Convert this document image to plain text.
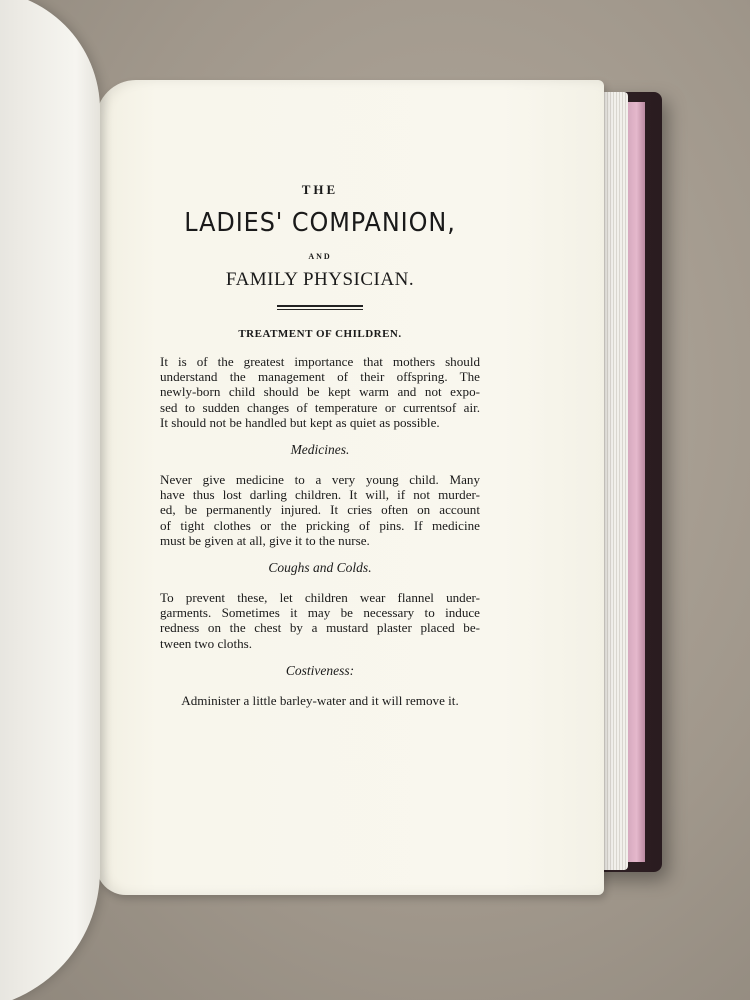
THE
LADIES' COMPANION,
AND
FAMILY PHYSICIAN.
TREATMENT OF CHILDREN.
It is of the greatest importance that mothers should
understand the management of their offspring. The
newly-born child should be kept warm and not expo-
sed to sudden changes of temperature or currentsof air.
It should not be handled but kept as quiet as possible.
Medicines.
Never give medicine to a very young child. Many
have thus lost darling children. It will, if not murder-
ed, be permanently injured. It cries often on account
of tight clothes or the pricking of pins. If medicine
must be given at all, give it to the nurse.
Coughs and Colds.
To prevent these, let children wear flannel under-
garments. Sometimes it may be necessary to induce
redness on the chest by a mustard plaster placed be-
tween two cloths.
Costiveness:
Administer a little barley-water and it will remove it.
